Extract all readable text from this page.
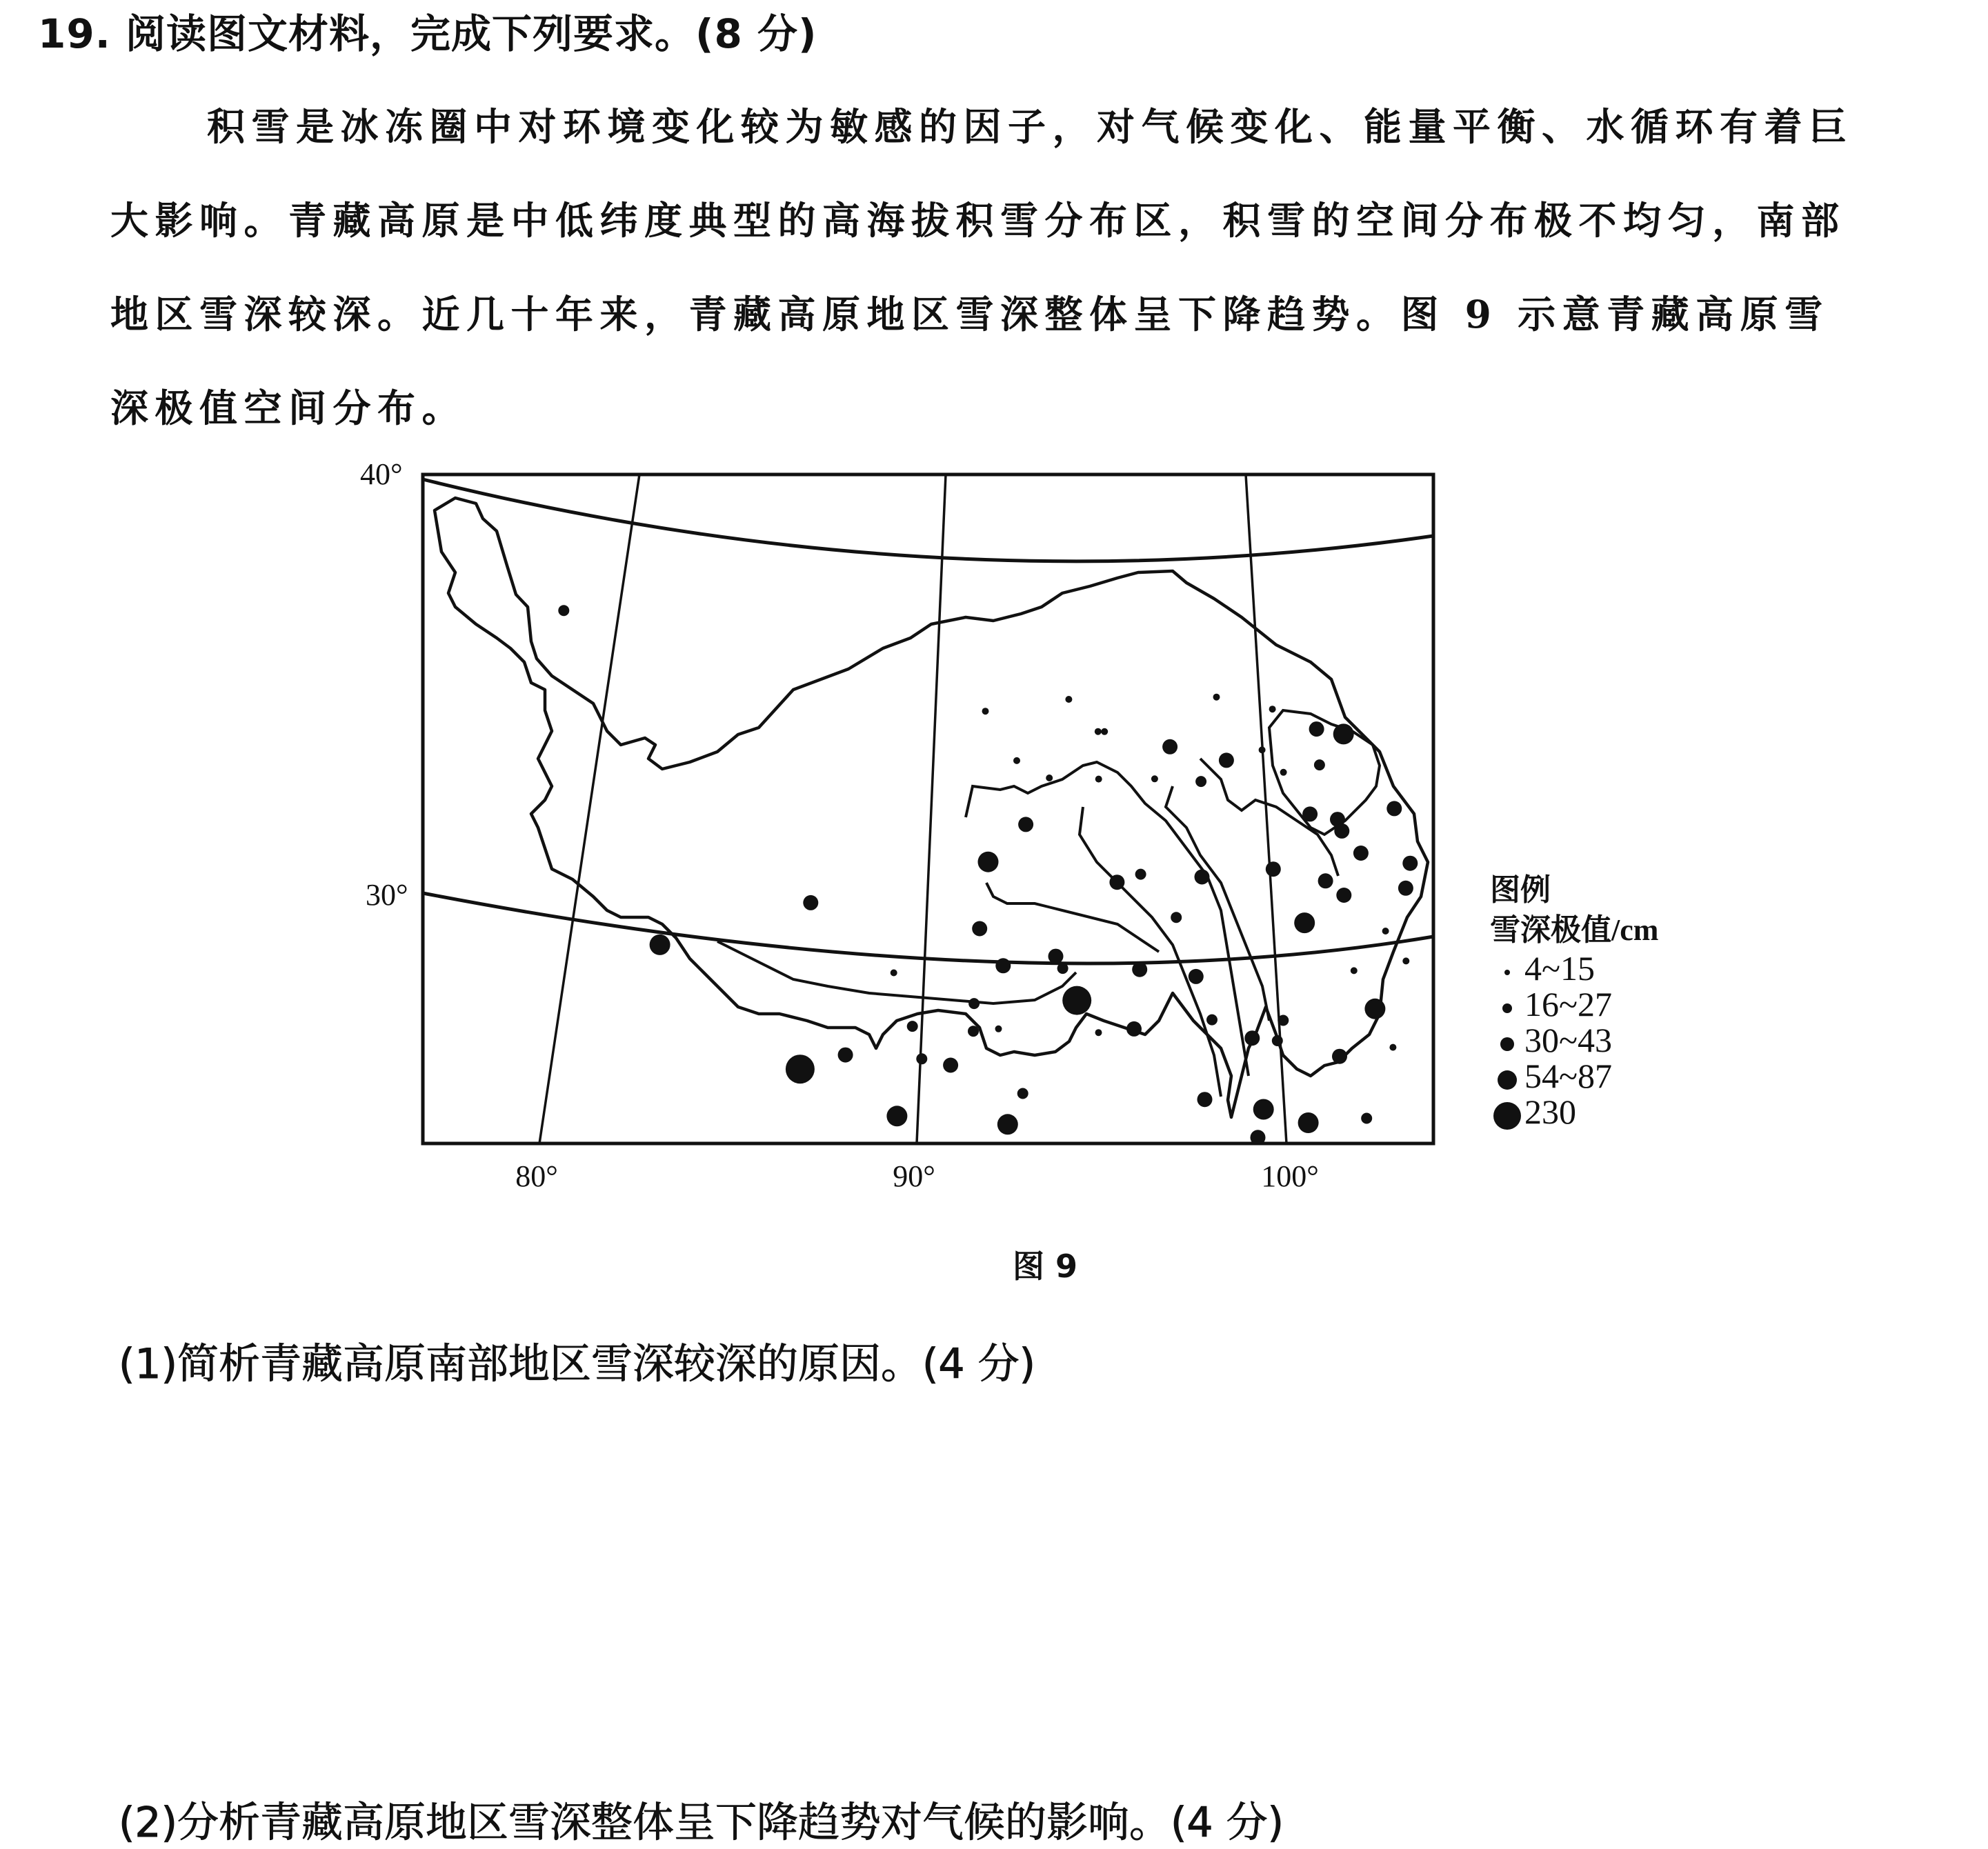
19. 阅读图文材料，完成下列要求。(8 分)
积雪是冰冻圈中对环境变化较为敏感的因子，对气候变化、能量平衡、水循环有着巨
大影响。青藏高原是中低纬度典型的高海拔积雪分布区，积雪的空间分布极不均匀，南部
地区雪深较深。近几十年来，青藏高原地区雪深整体呈下降趋势。图 9 示意青藏高原雪
深极值空间分布。
40°
30°
80°	90°	100°
图例
雪深极值/cm
4~15
16~27
30~43
54~87
230
图 9
(1)简析青藏高原南部地区雪深较深的原因。(4 分)
(2)分析青藏高原地区雪深整体呈下降趋势对气候的影响。(4 分)
